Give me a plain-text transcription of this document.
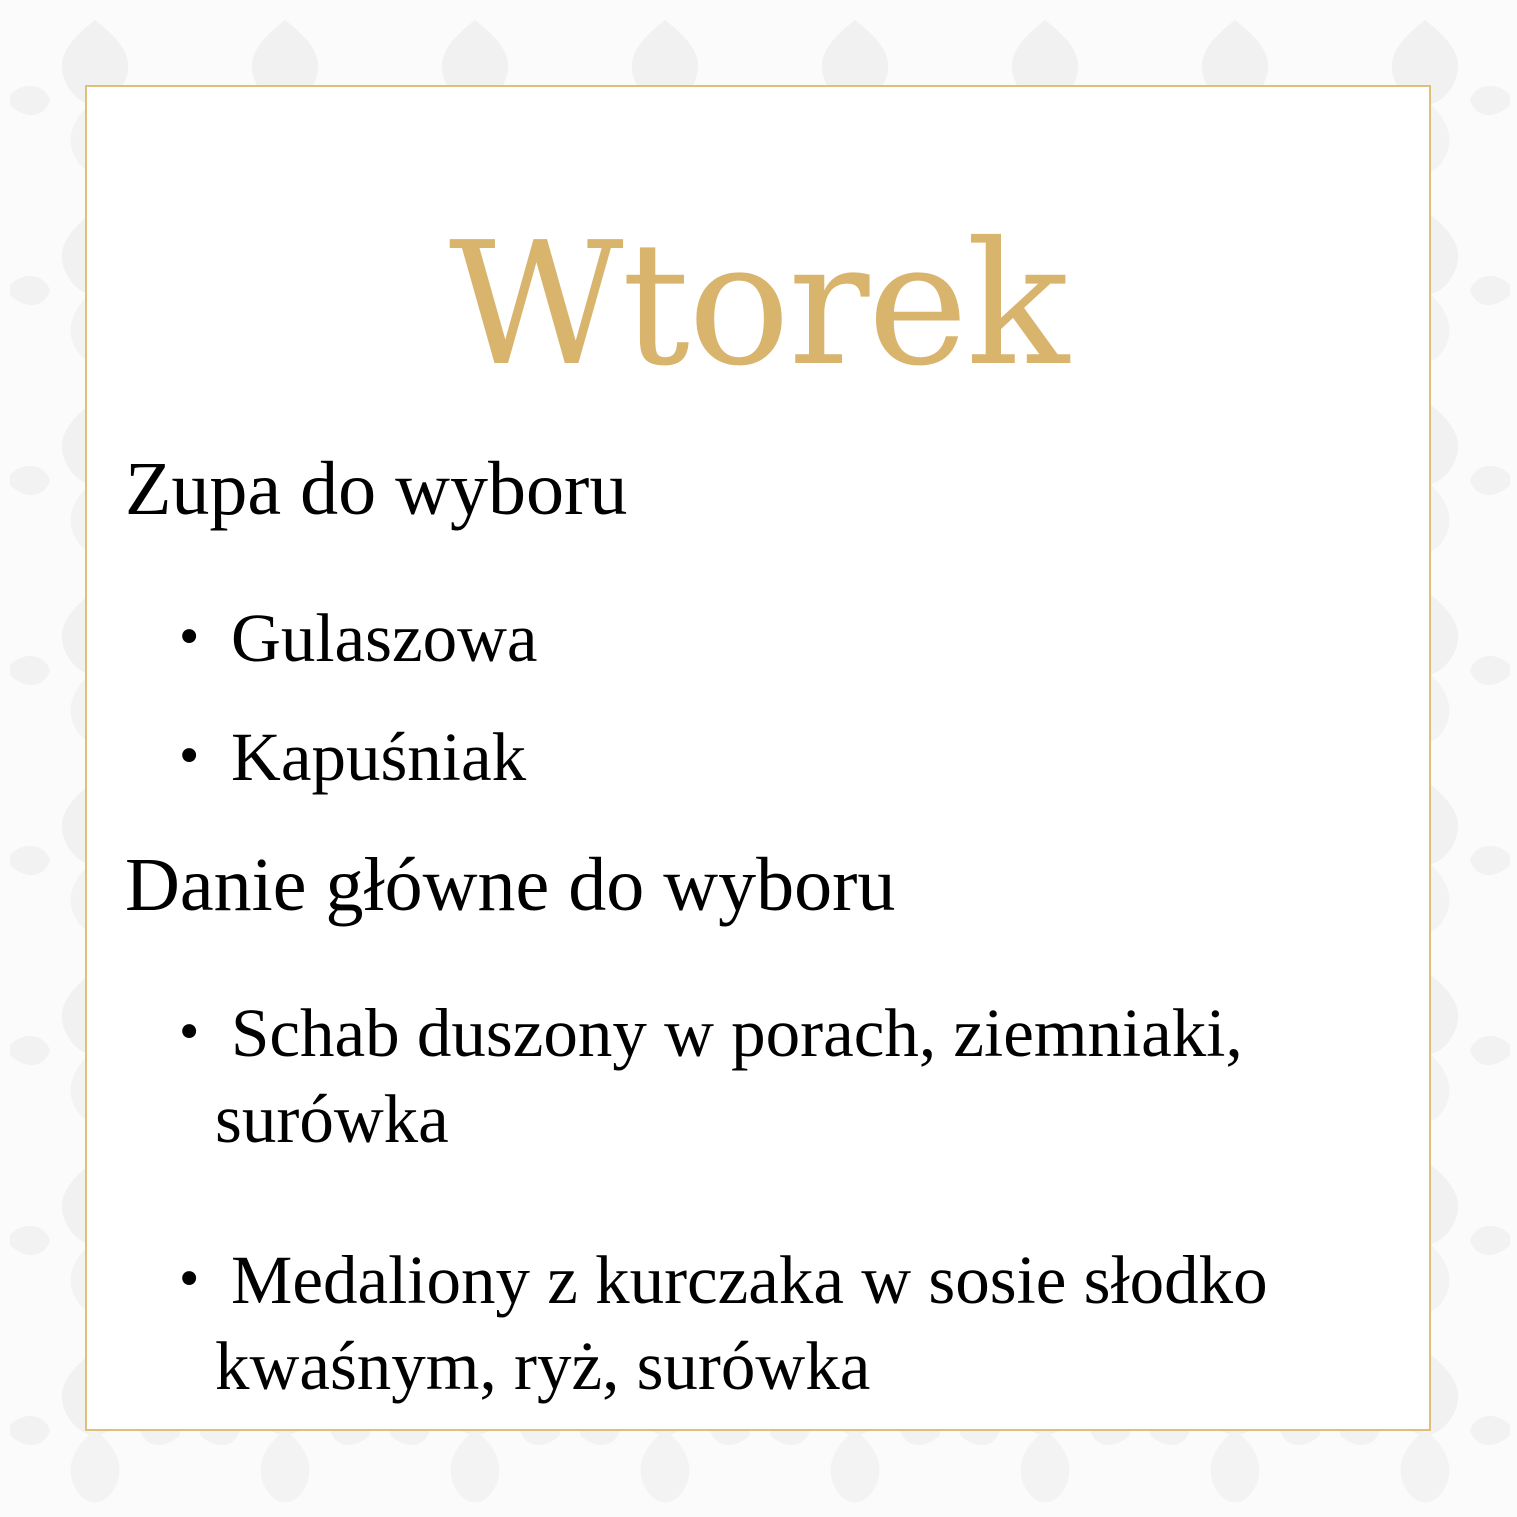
Wtorek
Zupa do wyboru
• Gulaszowa
• Kapuśniak
Danie główne do wyboru
• Schab duszony w porach, ziemniaki, surówka
• Medaliony z kurczaka w sosie słodko kwaśnym, ryż, surówka
